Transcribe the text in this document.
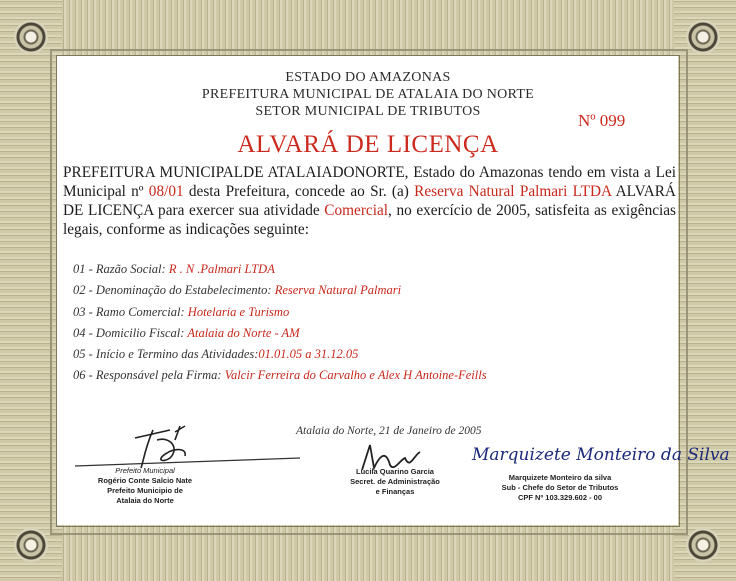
ESTADO DO AMAZONAS
PREFEITURA MUNICIPAL DE ATALAIA DO NORTE
SETOR MUNICIPAL DE TRIBUTOS	Nº 099
ALVARÁ DE LICENÇA
PREFEITURA MUNICIPALDE ATALAIADONORTE, Estado do Amazonas tendo em vista a Lei Municipal nº 08/01 desta Prefeitura, concede ao Sr. (a) Reserva Natural Palmari LTDA ALVARÁ DE LICENÇA para exercer sua atividade Comercial, no exercício de 2005, satisfeita as exigências legais, conforme as indicações seguinte:
01 - Razão Social: R . N .Palmari LTDA
02 - Denominação do Estabelecimento: Reserva Natural Palmari
03 - Ramo Comercial: Hotelaria e Turismo
04 - Domicilio Fiscal: Atalaia do Norte - AM
05 - Início e Termino das Atividades:01.01.05 a 31.12.05
06 - Responsável pela Firma: Valcir Ferreira do Carvalho e Alex H Antoine-Feills
Atalaia do Norte, 21 de Janeiro de 2005
Marquizete Monteiro da Silva
Prefeito Municipal
Rogério Conte Salcio Nate
Prefeito Municipio de
Atalaia do Norte
Lucila Quarino Garcia
Secret. de Administração
e Finanças
Marquizete Monteiro da silva
Sub - Chefe do Setor de Tributos
CPF Nº 103.329.602 - 00
